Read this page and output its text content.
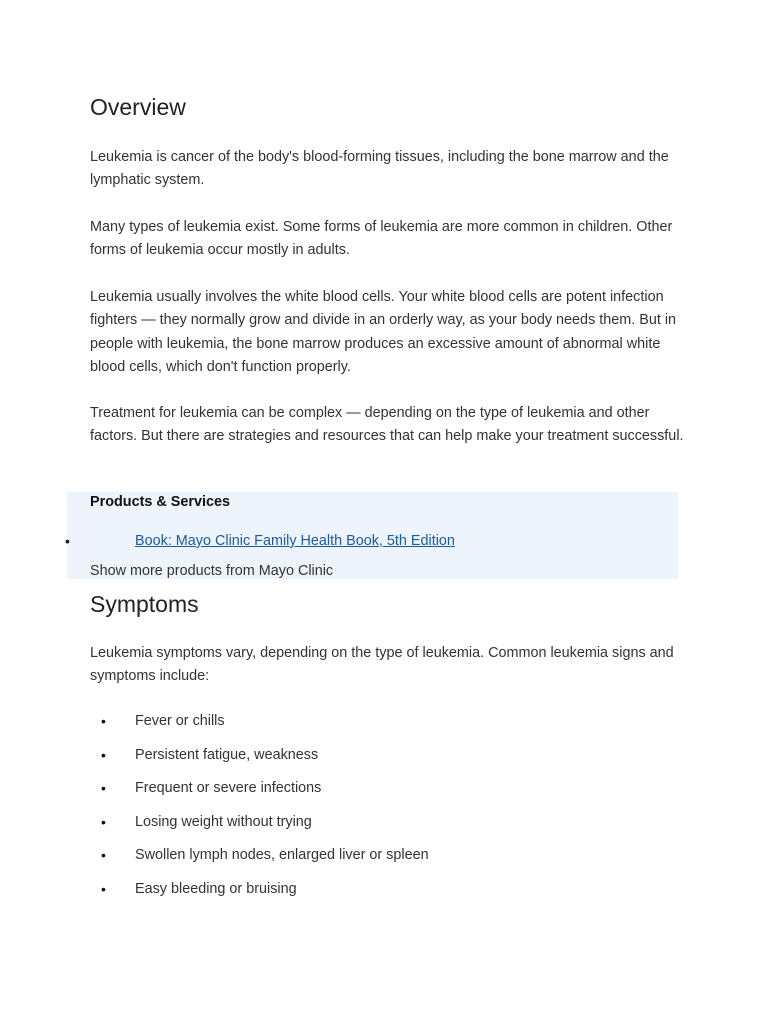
Overview

Leukemia is cancer of the body's blood-forming tissues, including the bone marrow and the lymphatic system.

Many types of leukemia exist. Some forms of leukemia are more common in children. Other forms of leukemia occur mostly in adults.

Leukemia usually involves the white blood cells. Your white blood cells are potent infection fighters — they normally grow and divide in an orderly way, as your body needs them. But in people with leukemia, the bone marrow produces an excessive amount of abnormal white blood cells, which don't function properly.

Treatment for leukemia can be complex — depending on the type of leukemia and other factors. But there are strategies and resources that can help make your treatment successful.

Products & Services
•	Book: Mayo Clinic Family Health Book, 5th Edition

Show more products from Mayo Clinic

Symptoms

Leukemia symptoms vary, depending on the type of leukemia. Common leukemia signs and symptoms include:

• Fever or chills
• Persistent fatigue, weakness
• Frequent or severe infections
• Losing weight without trying
• Swollen lymph nodes, enlarged liver or spleen
• Easy bleeding or bruising
